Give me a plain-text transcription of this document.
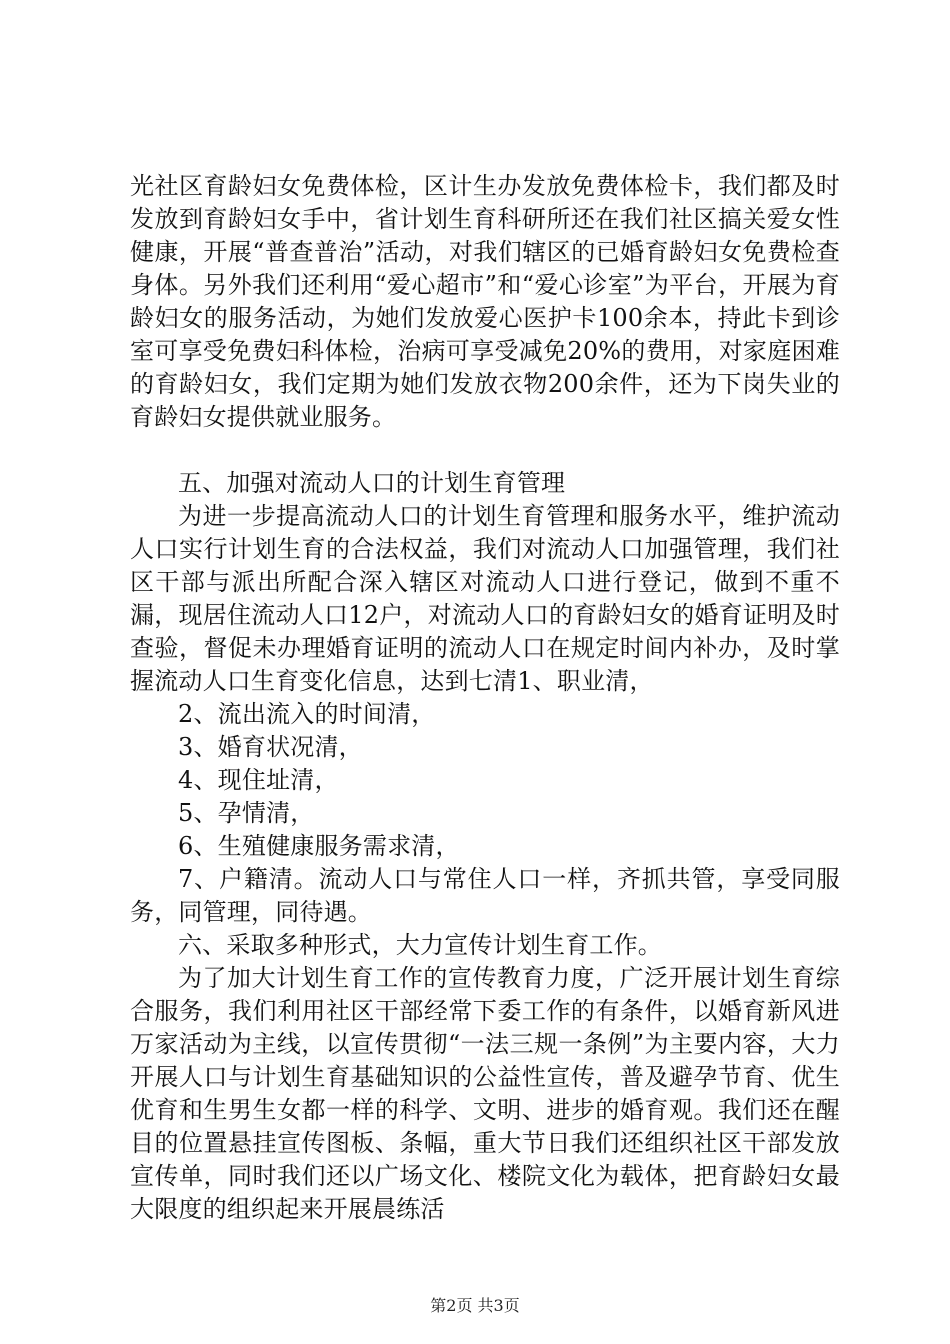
光社区育龄妇女免费体检，区计生办发放免费体检卡，我们都及时发放到育龄妇女手中，省计划生育科研所还在我们社区搞关爱女性健康，开展“普查普治”活动，对我们辖区的已婚育龄妇女免费检查身体。另外我们还利用“爱心超市”和“爱心诊室”为平台，开展为育龄妇女的服务活动，为她们发放爱心医护卡100余本，持此卡到诊室可享受免费妇科体检，治病可享受减免20%的费用，对家庭困难的育龄妇女，我们定期为她们发放衣物200余件，还为下岗失业的育龄妇女提供就业服务。

五、加强对流动人口的计划生育管理

为进一步提高流动人口的计划生育管理和服务水平，维护流动人口实行计划生育的合法权益，我们对流动人口加强管理，我们社区干部与派出所配合深入辖区对流动人口进行登记，做到不重不漏，现居住流动人口12户，对流动人口的育龄妇女的婚育证明及时查验，督促未办理婚育证明的流动人口在规定时间内补办，及时掌握流动人口生育变化信息，达到七清1、职业清，

2、流出流入的时间清，

3、婚育状况清，

4、现住址清，

5、孕情清，

6、生殖健康服务需求清，

7、户籍清。流动人口与常住人口一样，齐抓共管，享受同服务，同管理，同待遇。

六、采取多种形式，大力宣传计划生育工作。

为了加大计划生育工作的宣传教育力度，广泛开展计划生育综合服务，我们利用社区干部经常下委工作的有条件，以婚育新风进万家活动为主线，以宣传贯彻“一法三规一条例”为主要内容，大力开展人口与计划生育基础知识的公益性宣传，普及避孕节育、优生优育和生男生女都一样的科学、文明、进步的婚育观。我们还在醒目的位置悬挂宣传图板、条幅，重大节日我们还组织社区干部发放宣传单，同时我们还以广场文化、楼院文化为载体，把育龄妇女最大限度的组织起来开展晨练活

第2页 共3页
